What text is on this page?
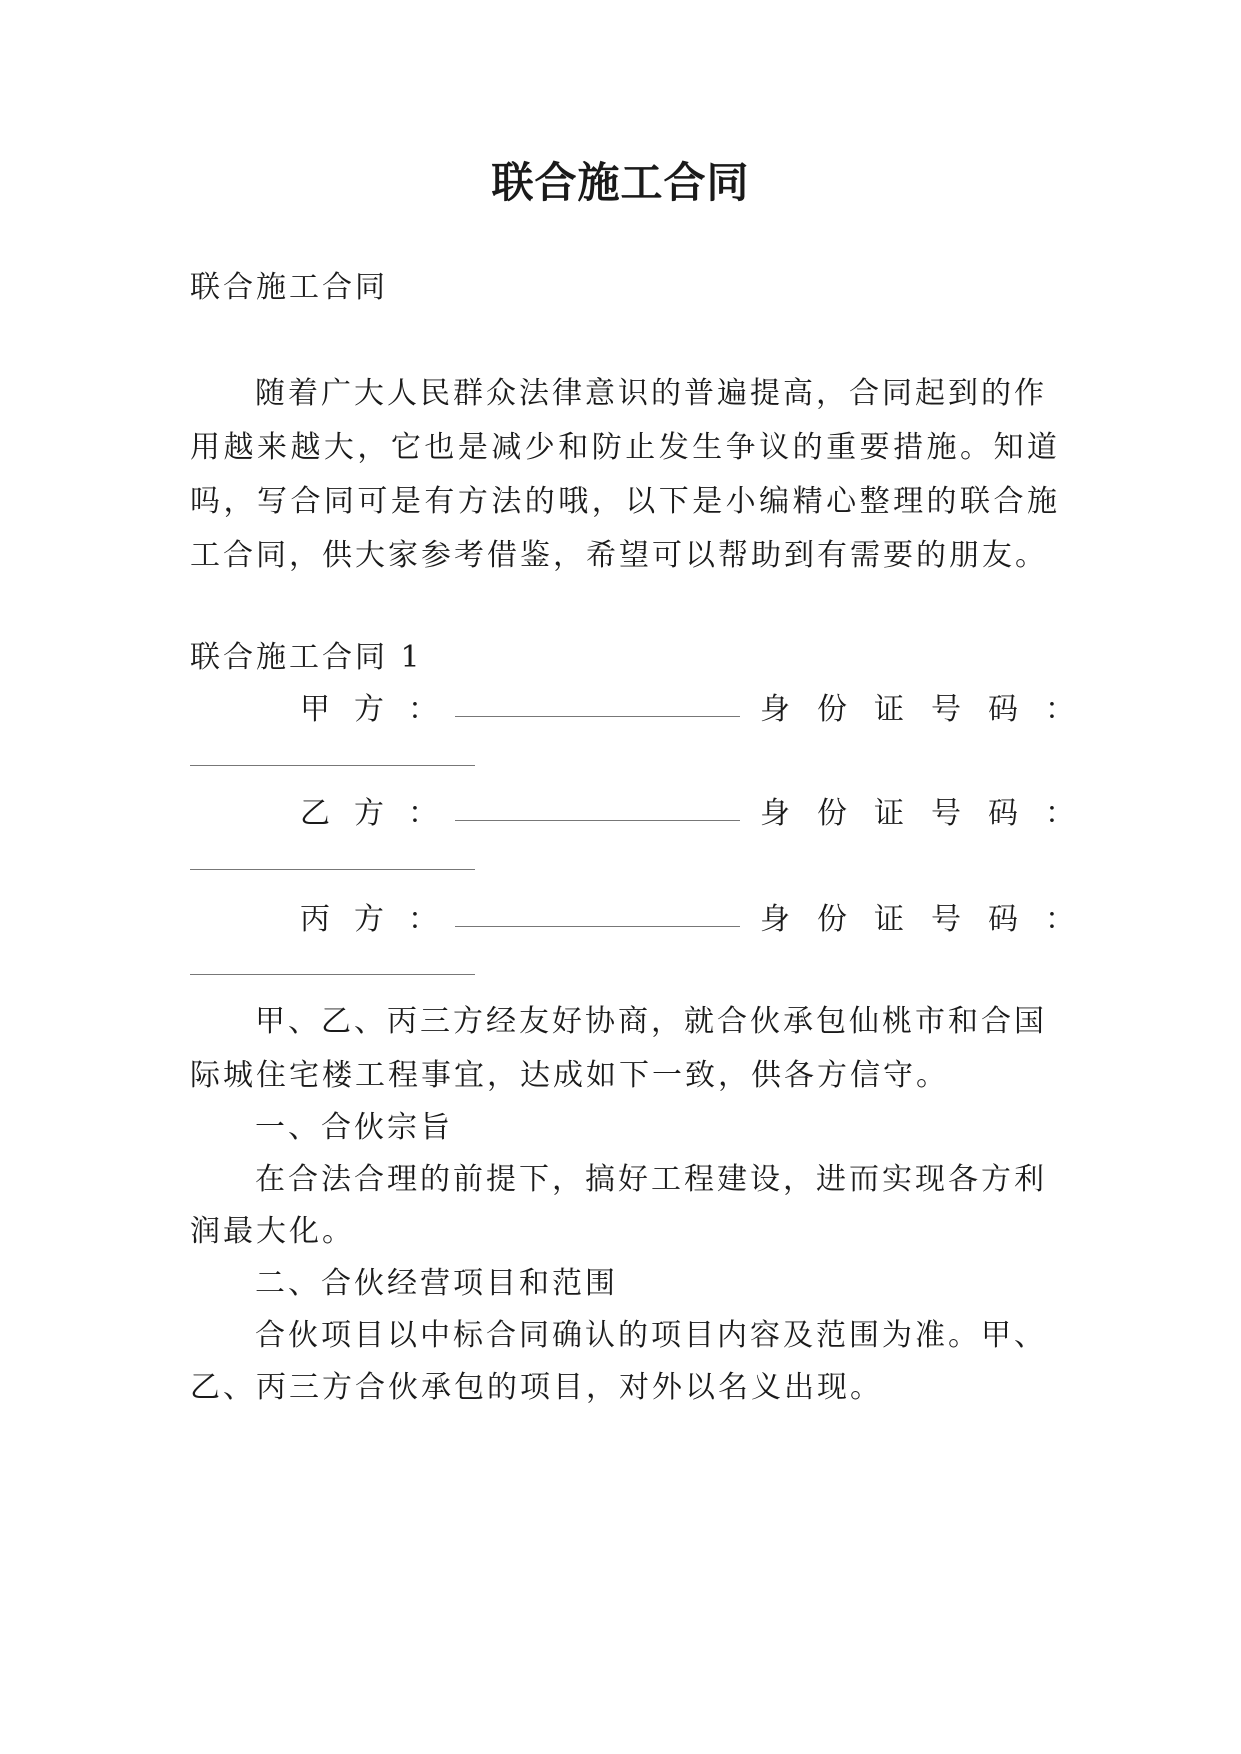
联合施工合同
联合施工合同
随着广大人民群众法律意识的普遍提高，合同起到的作
用越来越大，它也是减少和防止发生争议的重要措施。知道
吗，写合同可是有方法的哦，以下是小编精心整理的联合施
工合同，供大家参考借鉴，希望可以帮助到有需要的朋友。
联合施工合同 1
甲方：	身份证号码：
乙方：	身份证号码：
丙方：	身份证号码：
甲、乙、丙三方经友好协商，就合伙承包仙桃市和合国
际城住宅楼工程事宜，达成如下一致，供各方信守。
一、合伙宗旨
在合法合理的前提下，搞好工程建设，进而实现各方利
润最大化。
二、合伙经营项目和范围
合伙项目以中标合同确认的项目内容及范围为准。甲、
乙、丙三方合伙承包的项目，对外以名义出现。
